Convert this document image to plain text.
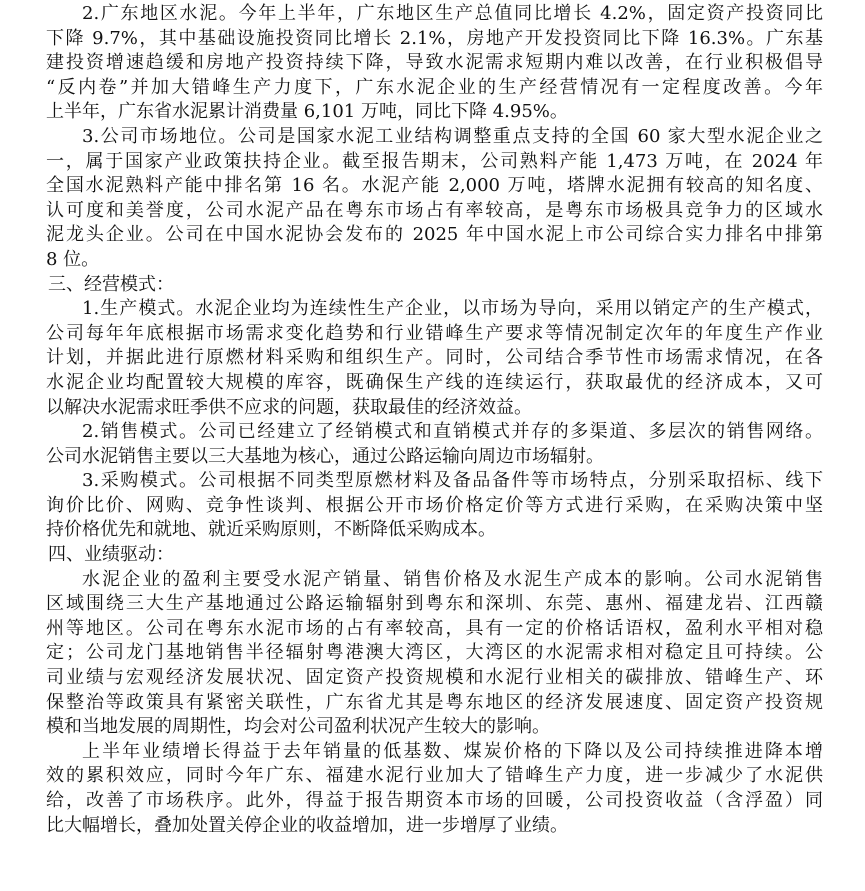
2.广东地区水泥。今年上半年，广东地区生产总值同比增长 4.2%，固定资产投资同比
下降 9.7%，其中基础设施投资同比增长 2.1%，房地产开发投资同比下降 16.3%。广东基
建投资增速趋缓和房地产投资持续下降，导致水泥需求短期内难以改善，在行业积极倡导
“反内卷”并加大错峰生产力度下，广东水泥企业的生产经营情况有一定程度改善。今年
上半年，广东省水泥累计消费量 6,101 万吨，同比下降 4.95%。
3.公司市场地位。公司是国家水泥工业结构调整重点支持的全国 60 家大型水泥企业之
一，属于国家产业政策扶持企业。截至报告期末，公司熟料产能 1,473 万吨，在 2024 年
全国水泥熟料产能中排名第 16 名。水泥产能 2,000 万吨，塔牌水泥拥有较高的知名度、
认可度和美誉度，公司水泥产品在粤东市场占有率较高，是粤东市场极具竞争力的区域水
泥龙头企业。公司在中国水泥协会发布的 2025 年中国水泥上市公司综合实力排名中排第
8 位。
三、经营模式：
1.生产模式。水泥企业均为连续性生产企业，以市场为导向，采用以销定产的生产模式，
公司每年年底根据市场需求变化趋势和行业错峰生产要求等情况制定次年的年度生产作业
计划，并据此进行原燃材料采购和组织生产。同时，公司结合季节性市场需求情况，在各
水泥企业均配置较大规模的库容，既确保生产线的连续运行，获取最优的经济成本，又可
以解决水泥需求旺季供不应求的问题，获取最佳的经济效益。
2.销售模式。公司已经建立了经销模式和直销模式并存的多渠道、多层次的销售网络。
公司水泥销售主要以三大基地为核心，通过公路运输向周边市场辐射。
3.采购模式。公司根据不同类型原燃材料及备品备件等市场特点，分别采取招标、线下
询价比价、网购、竞争性谈判、根据公开市场价格定价等方式进行采购，在采购决策中坚
持价格优先和就地、就近采购原则，不断降低采购成本。
四、业绩驱动：
水泥企业的盈利主要受水泥产销量、销售价格及水泥生产成本的影响。公司水泥销售
区域围绕三大生产基地通过公路运输辐射到粤东和深圳、东莞、惠州、福建龙岩、江西赣
州等地区。公司在粤东水泥市场的占有率较高，具有一定的价格话语权，盈利水平相对稳
定；公司龙门基地销售半径辐射粤港澳大湾区，大湾区的水泥需求相对稳定且可持续。公
司业绩与宏观经济发展状况、固定资产投资规模和水泥行业相关的碳排放、错峰生产、环
保整治等政策具有紧密关联性，广东省尤其是粤东地区的经济发展速度、固定资产投资规
模和当地发展的周期性，均会对公司盈利状况产生较大的影响。
上半年业绩增长得益于去年销量的低基数、煤炭价格的下降以及公司持续推进降本增
效的累积效应，同时今年广东、福建水泥行业加大了错峰生产力度，进一步减少了水泥供
给，改善了市场秩序。此外，得益于报告期资本市场的回暖，公司投资收益（含浮盈）同
比大幅增长，叠加处置关停企业的收益增加，进一步增厚了业绩。
